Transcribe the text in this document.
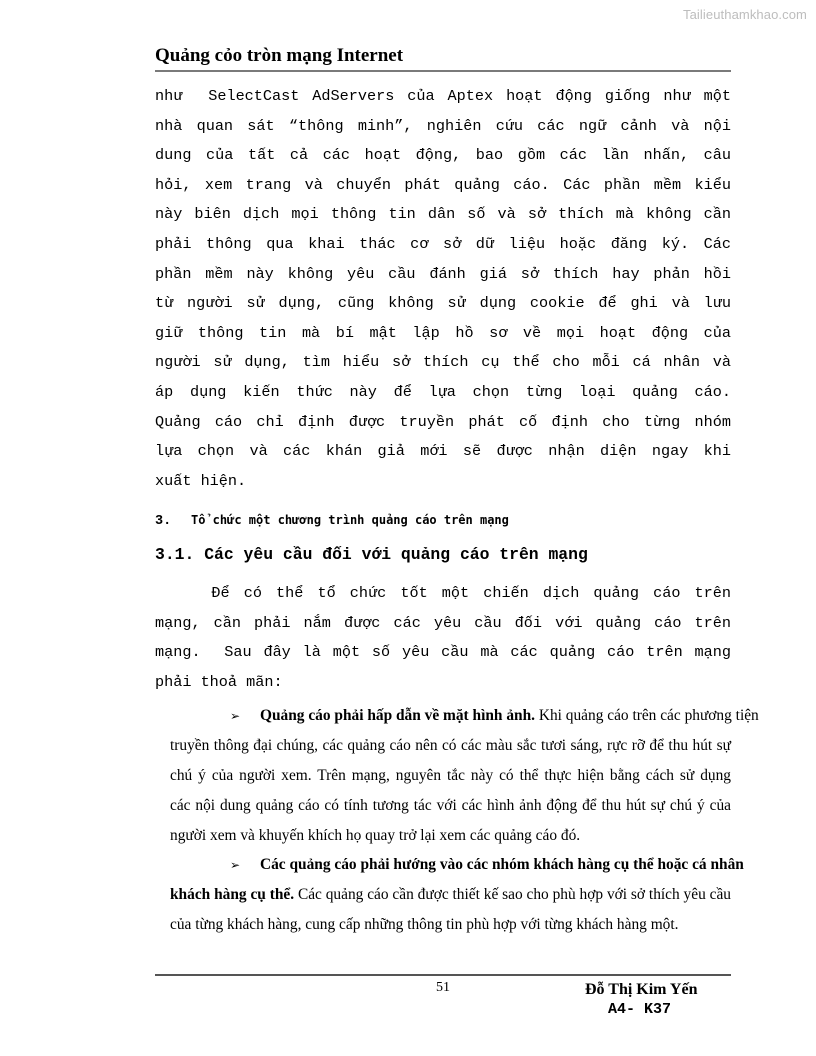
Tailieuthamkhao.com
Quảng cỏo tròn mạng Internet

như  SelectCast AdServers của Aptex hoạt động giống như một
nhà quan sát “thông minh”, nghiên cứu các ngữ cảnh và nội
dung của tất cả các hoạt động, bao gồm các lần nhấn, câu
hỏi, xem trang và chuyển phát quảng cáo. Các phần mềm kiểu
này biên dịch mọi thông tin dân số và sở thích mà không cần
phải thông qua khai thác cơ sở dữ liệu hoặc đăng ký. Các
phần mềm này không yêu cầu đánh giá sở thích hay phản hồi
từ người sử dụng, cũng không sử dụng cookie để ghi và lưu
giữ thông tin mà bí mật lập hồ sơ về mọi hoạt động của
người sử dụng, tìm hiểu sở thích cụ thể cho mỗi cá nhân và
áp dụng kiến thức này để lựa chọn từng loại quảng cáo.
Quảng cáo chỉ định được truyền phát cố định cho từng nhóm
lựa chọn và các khán giả mới sẽ được nhận diện ngay khi
xuất hiện.

3. Tổ chức một chương trình quảng cáo trên mạng
3.1. Các yêu cầu đối với quảng cáo trên mạng

Để có thể tổ chức tốt một chiến dịch quảng cáo trên
mạng, cần phải nắm được các yêu cầu đối với quảng cáo trên
mạng.  Sau đây là một số yêu cầu mà các quảng cáo trên mạng
phải thoả mãn:

➢ Quảng cáo phải hấp dẫn về mặt hình ảnh. Khi quảng cáo trên các phương tiện
truyền thông đại chúng, các quảng cáo nên có các màu sắc tươi sáng, rực rỡ để thu hút sự
chú ý của người xem. Trên mạng, nguyên tắc này có thể thực hiện bằng cách sử dụng
các nội dung quảng cáo có tính tương tác với các hình ảnh động để thu hút sự chú ý của
người xem và khuyến khích họ quay trở lại xem các quảng cáo đó.

➢ Các quảng cáo phải hướng vào các nhóm khách hàng cụ thể hoặc cá nhân
khách hàng cụ thể. Các quảng cáo cần được thiết kế sao cho phù hợp với sở thích yêu cầu
của từng khách hàng, cung cấp những thông tin phù hợp với từng khách hàng một.

51	Đỗ Thị Kim Yến
A4- K37
